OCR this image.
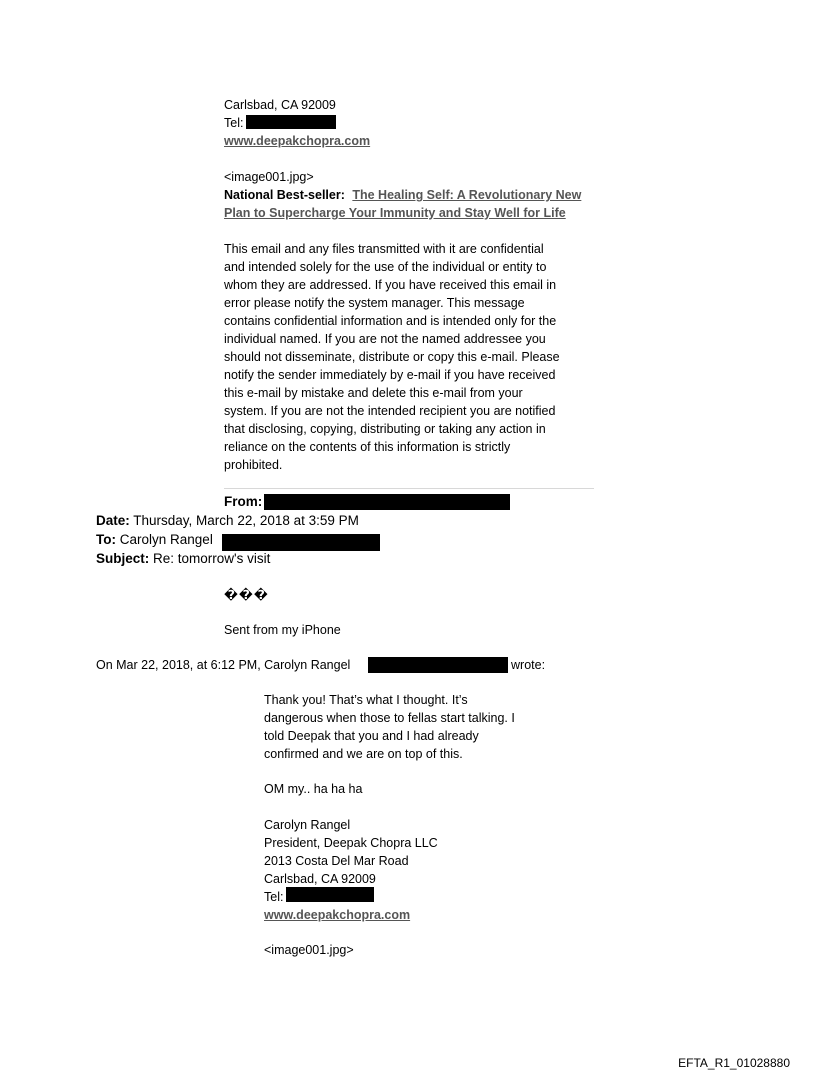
Carlsbad, CA 92009
Tel:
www.deepakchopra.com
<image001.jpg>
National Best-seller: The Healing Self: A Revolutionary New
Plan to Supercharge Your Immunity and Stay Well for Life
This email and any files transmitted with it are confidential
and intended solely for the use of the individual or entity to
whom they are addressed. If you have received this email in
error please notify the system manager. This message
contains confidential information and is intended only for the
individual named. If you are not the named addressee you
should not disseminate, distribute or copy this e-mail. Please
notify the sender immediately by e-mail if you have received
this e-mail by mistake and delete this e-mail from your
system. If you are not the intended recipient you are notified
that disclosing, copying, distributing or taking any action in
reliance on the contents of this information is strictly
prohibited.
From:
Date: Thursday, March 22, 2018 at 3:59 PM
To: Carolyn Rangel
Subject: Re: tomorrow's visit
���
Sent from my iPhone
On Mar 22, 2018, at 6:12 PM, Carolyn Rangel	wrote:
Thank you! That’s what I thought. It’s
dangerous when those to fellas start talking. I
told Deepak that you and I had already
confirmed and we are on top of this.
OM my.. ha ha ha
Carolyn Rangel
President, Deepak Chopra LLC
2013 Costa Del Mar Road
Carlsbad, CA 92009
Tel:
www.deepakchopra.com
<image001.jpg>
EFTA_R1_01028880
